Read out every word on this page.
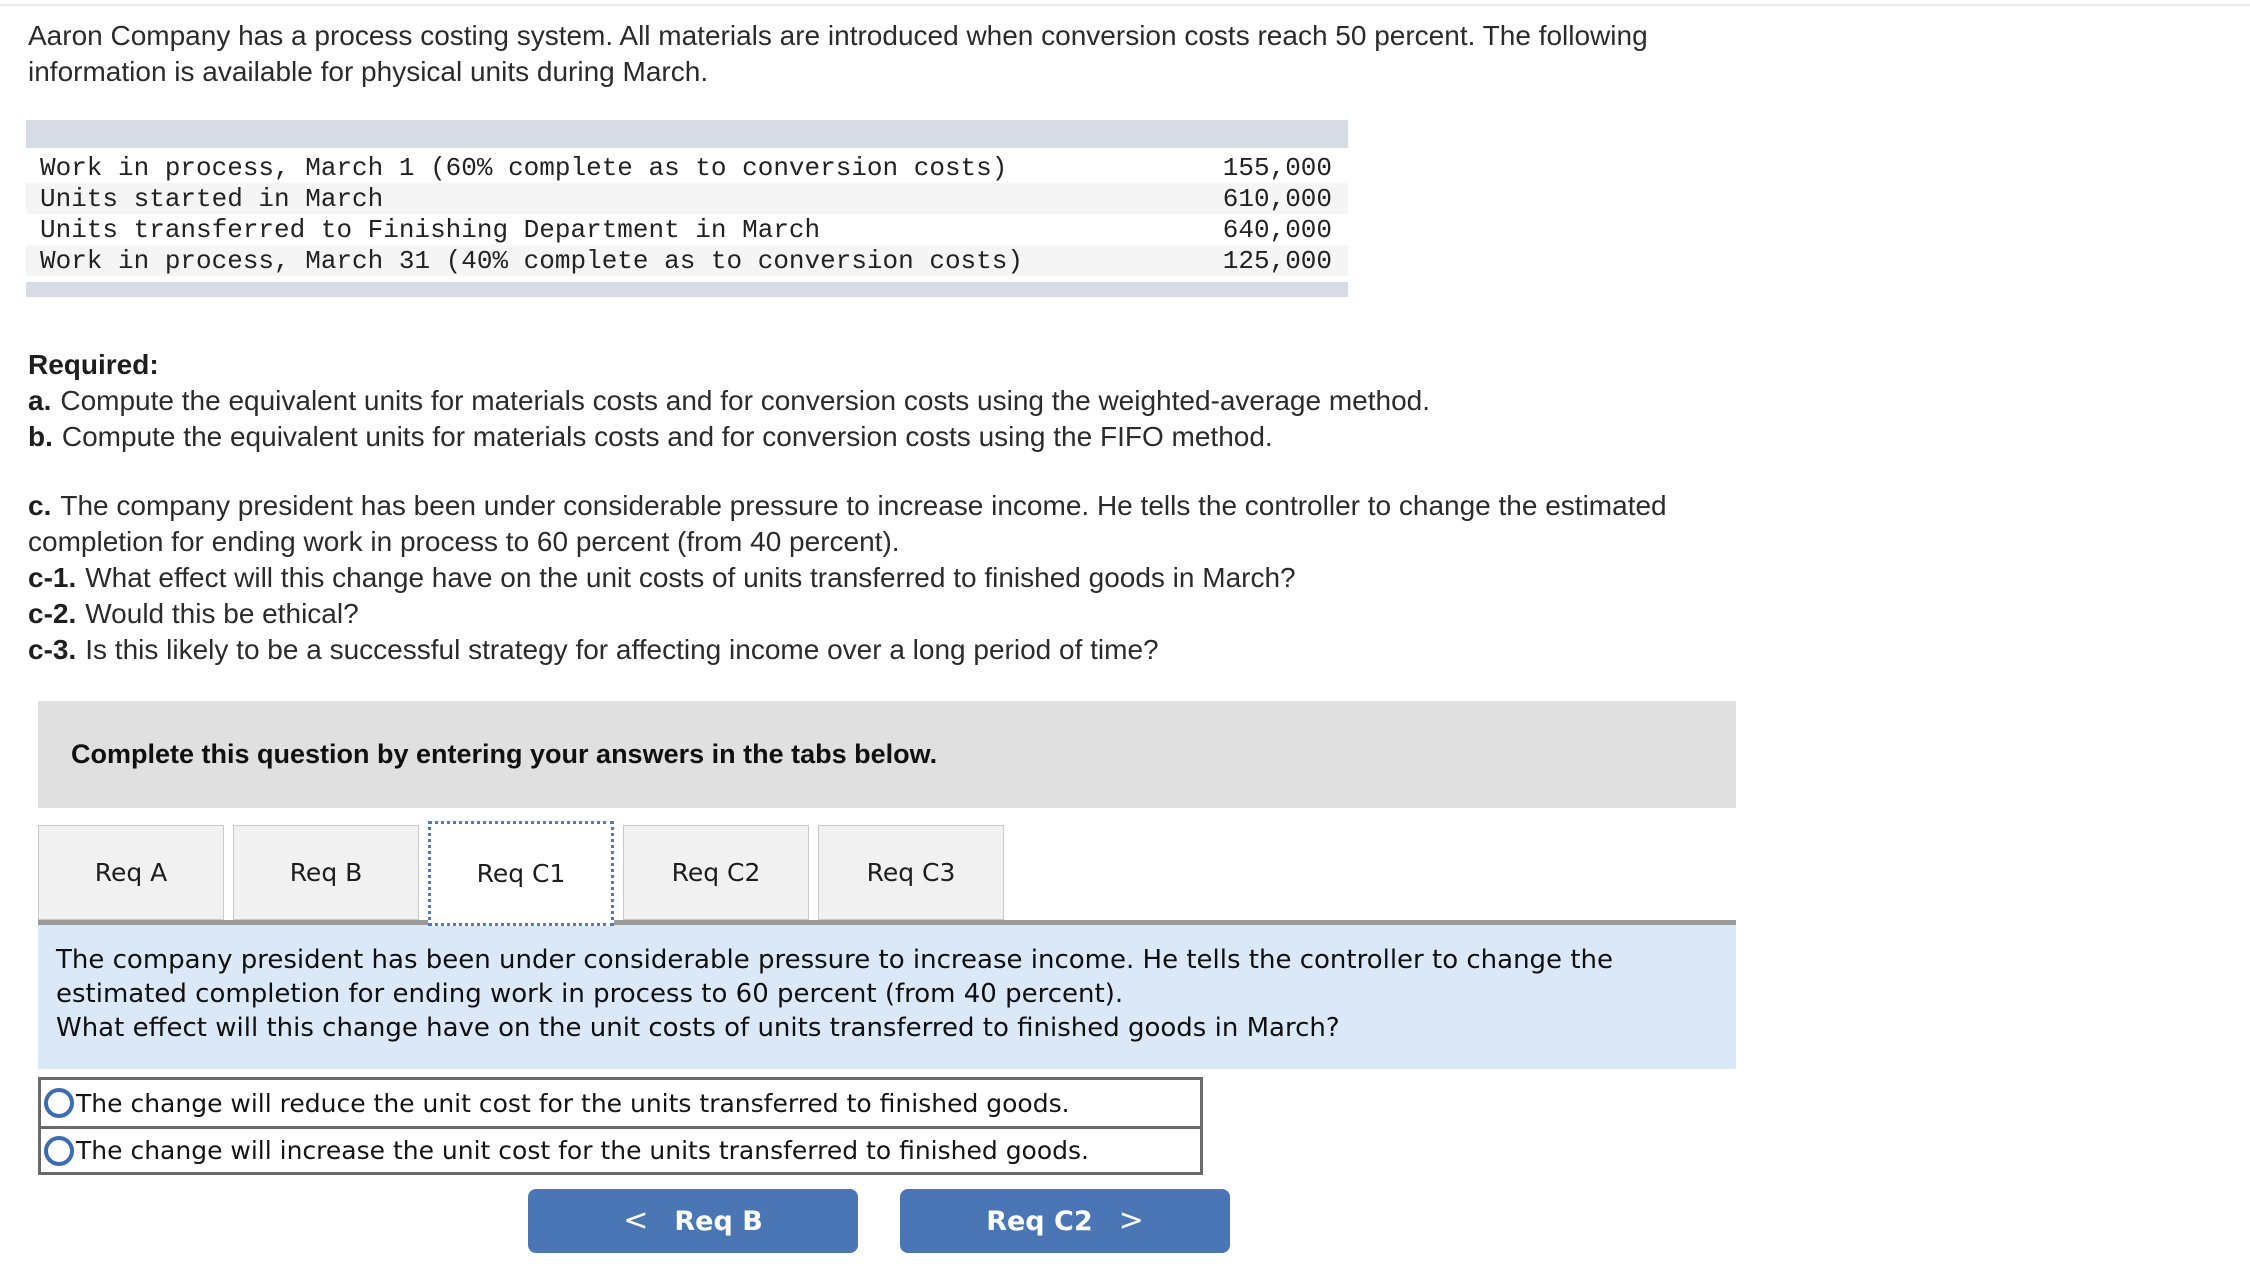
Aaron Company has a process costing system. All materials are introduced when conversion costs reach 50 percent. The following
information is available for physical units during March.
Work in process, March 1 (60% complete as to conversion costs)	155,000
Units started in March	610,000
Units transferred to Finishing Department in March	640,000
Work in process, March 31 (40% complete as to conversion costs)	125,000
Required:
a. Compute the equivalent units for materials costs and for conversion costs using the weighted-average method.
b. Compute the equivalent units for materials costs and for conversion costs using the FIFO method.
c. The company president has been under considerable pressure to increase income. He tells the controller to change the estimated
completion for ending work in process to 60 percent (from 40 percent).
c-1. What effect will this change have on the unit costs of units transferred to finished goods in March?
c-2. Would this be ethical?
c-3. Is this likely to be a successful strategy for affecting income over a long period of time?
Complete this question by entering your answers in the tabs below.
Req A	Req B	Req C1	Req C2	Req C3
The company president has been under considerable pressure to increase income. He tells the controller to change the
estimated completion for ending work in process to 60 percent (from 40 percent).
What effect will this change have on the unit costs of units transferred to finished goods in March?
The change will reduce the unit cost for the units transferred to finished goods.
The change will increase the unit cost for the units transferred to finished goods.
< Req B	Req C2 >
